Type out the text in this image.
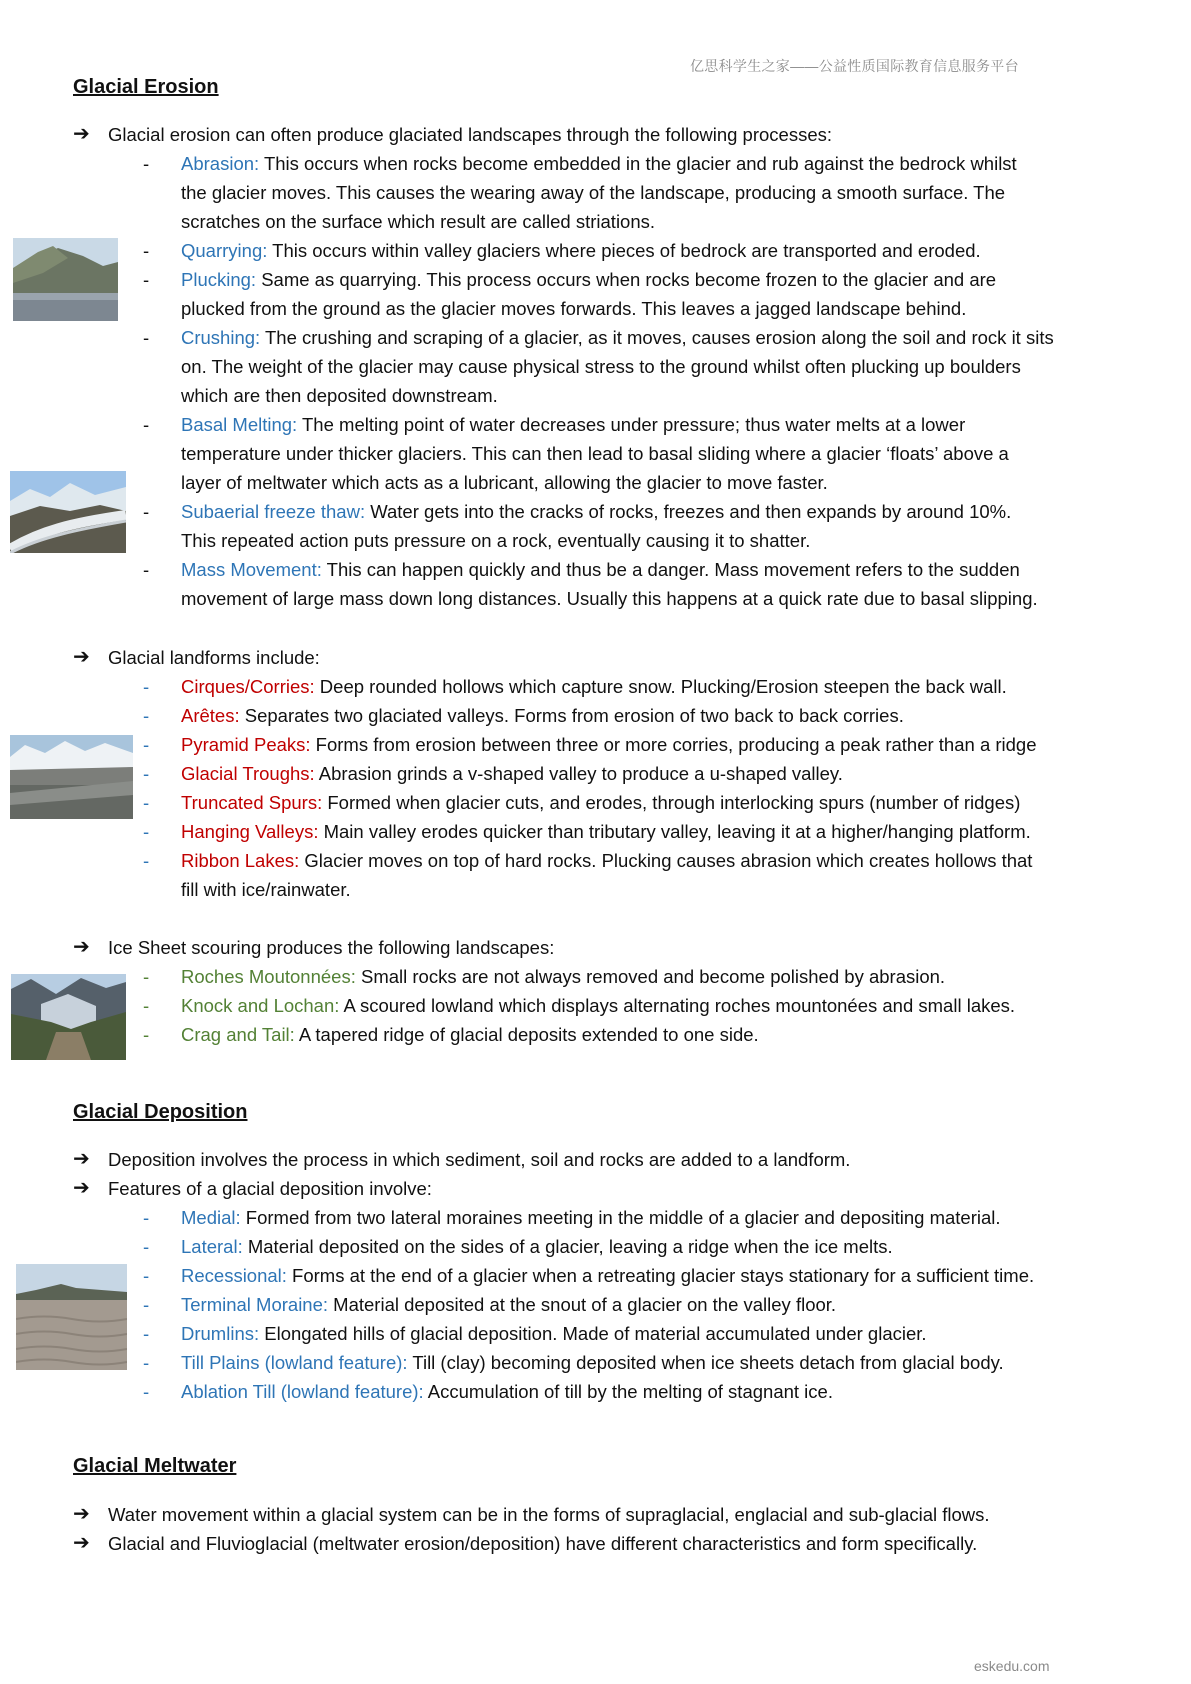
亿思科学生之家——公益性质国际教育信息服务平台
Glacial Erosion
➔ Glacial erosion can often produce glaciated landscapes through the following processes:
- Abrasion: This occurs when rocks become embedded in the glacier and rub against the bedrock whilst
the glacier moves. This causes the wearing away of the landscape, producing a smooth surface. The
scratches on the surface which result are called striations.
- Quarrying: This occurs within valley glaciers where pieces of bedrock are transported and eroded.
- Plucking: Same as quarrying. This process occurs when rocks become frozen to the glacier and are
plucked from the ground as the glacier moves forwards. This leaves a jagged landscape behind.
- Crushing: The crushing and scraping of a glacier, as it moves, causes erosion along the soil and rock it sits
on. The weight of the glacier may cause physical stress to the ground whilst often plucking up boulders
which are then deposited downstream.
- Basal Melting: The melting point of water decreases under pressure; thus water melts at a lower
temperature under thicker glaciers. This can then lead to basal sliding where a glacier ‘floats’ above a
layer of meltwater which acts as a lubricant, allowing the glacier to move faster.
- Subaerial freeze thaw: Water gets into the cracks of rocks, freezes and then expands by around 10%.
This repeated action puts pressure on a rock, eventually causing it to shatter.
- Mass Movement: This can happen quickly and thus be a danger. Mass movement refers to the sudden
movement of large mass down long distances. Usually this happens at a quick rate due to basal slipping.
➔ Glacial landforms include:
- Cirques/Corries: Deep rounded hollows which capture snow. Plucking/Erosion steepen the back wall.
- Arêtes: Separates two glaciated valleys. Forms from erosion of two back to back corries.
- Pyramid Peaks: Forms from erosion between three or more corries, producing a peak rather than a ridge
- Glacial Troughs: Abrasion grinds a v-shaped valley to produce a u-shaped valley.
- Truncated Spurs: Formed when glacier cuts, and erodes, through interlocking spurs (number of ridges)
- Hanging Valleys: Main valley erodes quicker than tributary valley, leaving it at a higher/hanging platform.
- Ribbon Lakes: Glacier moves on top of hard rocks. Plucking causes abrasion which creates hollows that
fill with ice/rainwater.
➔ Ice Sheet scouring produces the following landscapes:
- Roches Moutonnées: Small rocks are not always removed and become polished by abrasion.
- Knock and Lochan: A scoured lowland which displays alternating roches mountonées and small lakes.
- Crag and Tail: A tapered ridge of glacial deposits extended to one side.
Glacial Deposition
➔ Deposition involves the process in which sediment, soil and rocks are added to a landform.
➔ Features of a glacial deposition involve:
- Medial: Formed from two lateral moraines meeting in the middle of a glacier and depositing material.
- Lateral: Material deposited on the sides of a glacier, leaving a ridge when the ice melts.
- Recessional: Forms at the end of a glacier when a retreating glacier stays stationary for a sufficient time.
- Terminal Moraine: Material deposited at the snout of a glacier on the valley floor.
- Drumlins: Elongated hills of glacial deposition. Made of material accumulated under glacier.
- Till Plains (lowland feature): Till (clay) becoming deposited when ice sheets detach from glacial body.
- Ablation Till (lowland feature): Accumulation of till by the melting of stagnant ice.
Glacial Meltwater
➔ Water movement within a glacial system can be in the forms of supraglacial, englacial and sub-glacial flows.
➔ Glacial and Fluvioglacial (meltwater erosion/deposition) have different characteristics and form specifically.
eskedu.com
